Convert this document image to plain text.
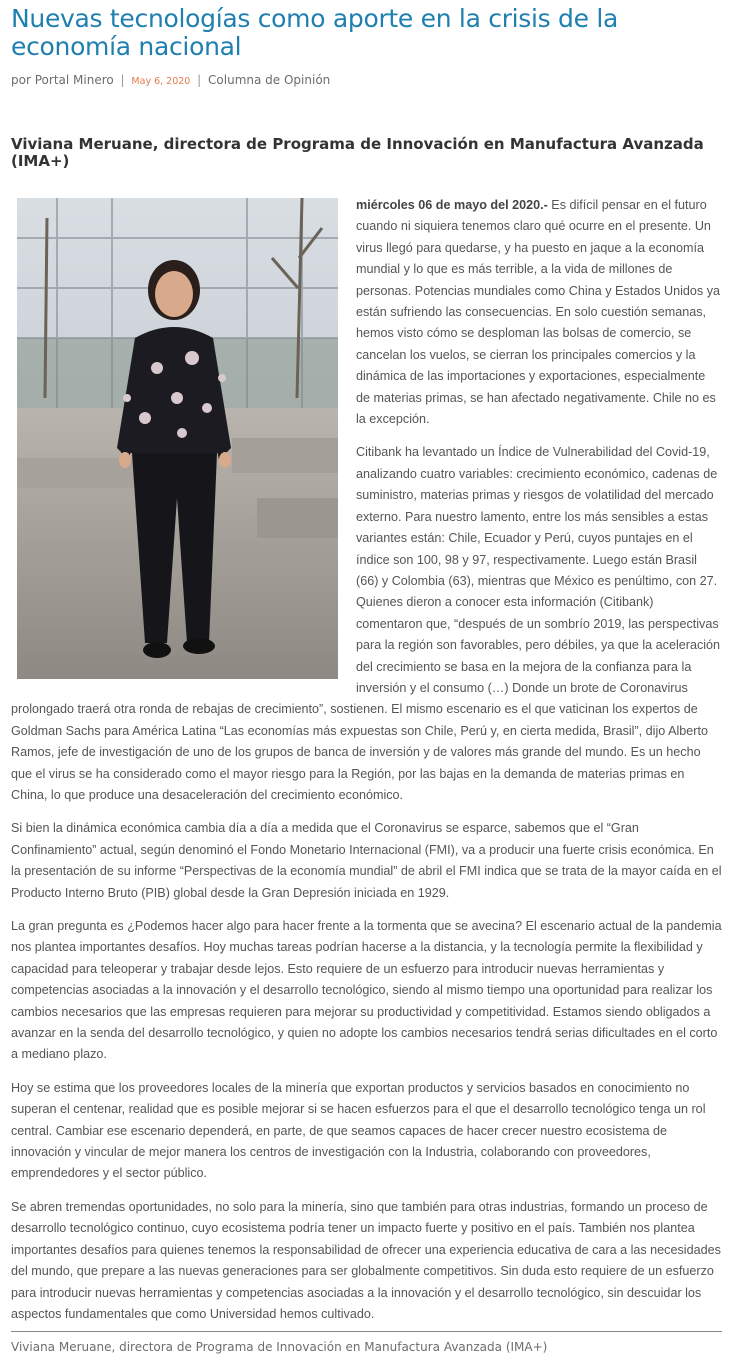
Nuevas tecnologías como aporte en la crisis de la economía nacional
por Portal Minero | May 6, 2020 | Columna de Opinión
Viviana Meruane, directora de Programa de Innovación en Manufactura Avanzada (IMA+)

miércoles 06 de mayo del 2020.- Es difícil pensar en el futuro cuando ni siquiera tenemos claro qué ocurre en el presente. Un virus llegó para quedarse, y ha puesto en jaque a la economía mundial y lo que es más terrible, a la vida de millones de personas. Potencias mundiales como China y Estados Unidos ya están sufriendo las consecuencias. En solo cuestión semanas, hemos visto cómo se desploman las bolsas de comercio, se cancelan los vuelos, se cierran los principales comercios y la dinámica de las importaciones y exportaciones, especialmente de materias primas, se han afectado negativamente. Chile no es la excepción.

Citibank ha levantado un Índice de Vulnerabilidad del Covid-19, analizando cuatro variables: crecimiento económico, cadenas de suministro, materias primas y riesgos de volatilidad del mercado externo. Para nuestro lamento, entre los más sensibles a estas variantes están: Chile, Ecuador y Perú, cuyos puntajes en el índice son 100, 98 y 97, respectivamente. Luego están Brasil (66) y Colombia (63), mientras que México es penúltimo, con 27. Quienes dieron a conocer esta información (Citibank) comentaron que, “después de un sombrío 2019, las perspectivas para la región son favorables, pero débiles, ya que la aceleración del crecimiento se basa en la mejora de la confianza para la inversión y el consumo (…) Donde un brote de Coronavirus prolongado traerá otra ronda de rebajas de crecimiento”, sostienen. El mismo escenario es el que vaticinan los expertos de Goldman Sachs para América Latina “Las economías más expuestas son Chile, Perú y, en cierta medida, Brasil”, dijo Alberto Ramos, jefe de investigación de uno de los grupos de banca de inversión y de valores más grande del mundo. Es un hecho que el virus se ha considerado como el mayor riesgo para la Región, por las bajas en la demanda de materias primas en China, lo que produce una desaceleración del crecimiento económico.

Si bien la dinámica económica cambia día a día a medida que el Coronavirus se esparce, sabemos que el “Gran Confinamiento” actual, según denominó el Fondo Monetario Internacional (FMI), va a producir una fuerte crisis económica. En la presentación de su informe “Perspectivas de la economía mundial” de abril el FMI indica que se trata de la mayor caída en el Producto Interno Bruto (PIB) global desde la Gran Depresión iniciada en 1929.

La gran pregunta es ¿Podemos hacer algo para hacer frente a la tormenta que se avecina? El escenario actual de la pandemia nos plantea importantes desafíos. Hoy muchas tareas podrían hacerse a la distancia, y la tecnología permite la flexibilidad y capacidad para teleoperar y trabajar desde lejos. Esto requiere de un esfuerzo para introducir nuevas herramientas y competencias asociadas a la innovación y el desarrollo tecnológico, siendo al mismo tiempo una oportunidad para realizar los cambios necesarios que las empresas requieren para mejorar su productividad y competitividad. Estamos siendo obligados a avanzar en la senda del desarrollo tecnológico, y quien no adopte los cambios necesarios tendrá serias dificultades en el corto a mediano plazo.

Hoy se estima que los proveedores locales de la minería que exportan productos y servicios basados en conocimiento no superan el centenar, realidad que es posible mejorar si se hacen esfuerzos para el que el desarrollo tecnológico tenga un rol central. Cambiar ese escenario dependerá, en parte, de que seamos capaces de hacer crecer nuestro ecosistema de innovación y vincular de mejor manera los centros de investigación con la Industria, colaborando con proveedores, emprendedores y el sector público.

Se abren tremendas oportunidades, no solo para la minería, sino que también para otras industrias, formando un proceso de desarrollo tecnológico continuo, cuyo ecosistema podría tener un impacto fuerte y positivo en el país. También nos plantea importantes desafíos para quienes tenemos la responsabilidad de ofrecer una experiencia educativa de cara a las necesidades del mundo, que prepare a las nuevas generaciones para ser globalmente competitivos. Sin duda esto requiere de un esfuerzo para introducir nuevas herramientas y competencias asociadas a la innovación y el desarrollo tecnológico, sin descuidar los aspectos fundamentales que como Universidad hemos cultivado.

Viviana Meruane, directora de Programa de Innovación en Manufactura Avanzada (IMA+)
